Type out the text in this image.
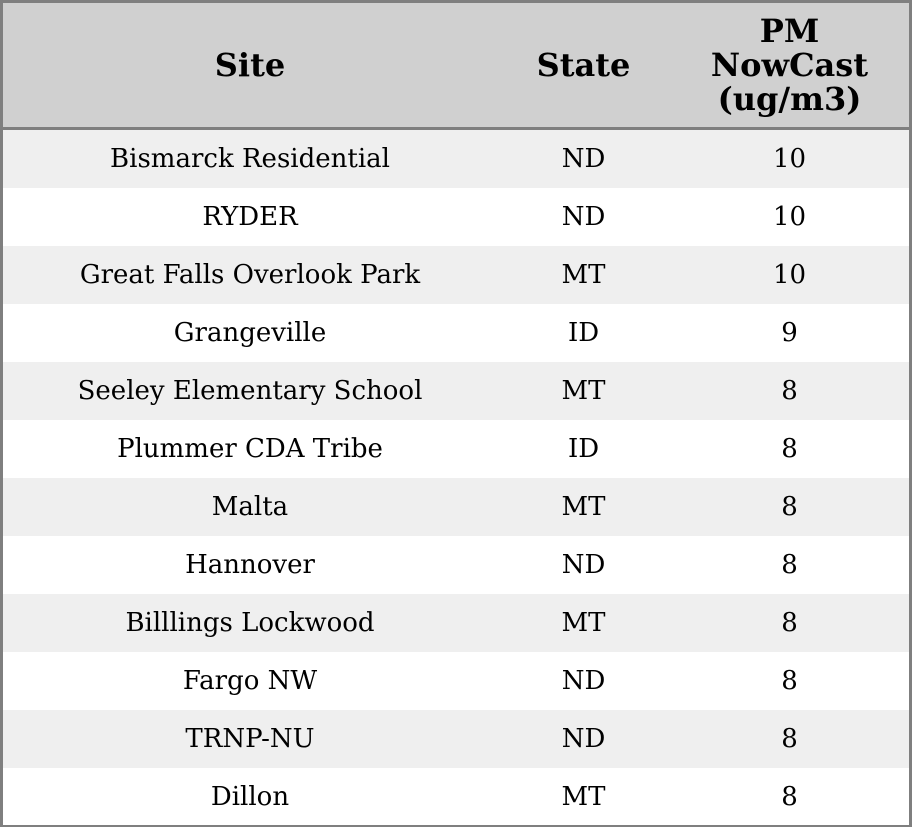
Site	State	PM
NowCast
(ug/m3)

Bismarck Residential	ND	10
RYDER	ND	10
Great Falls Overlook Park	MT	10
Grangeville	ID	9
Seeley Elementary School	MT	8
Plummer CDA Tribe	ID	8
Malta	MT	8
Hannover	ND	8
Billlings Lockwood	MT	8
Fargo NW	ND	8
TRNP-NU	ND	8
Dillon	MT	8
